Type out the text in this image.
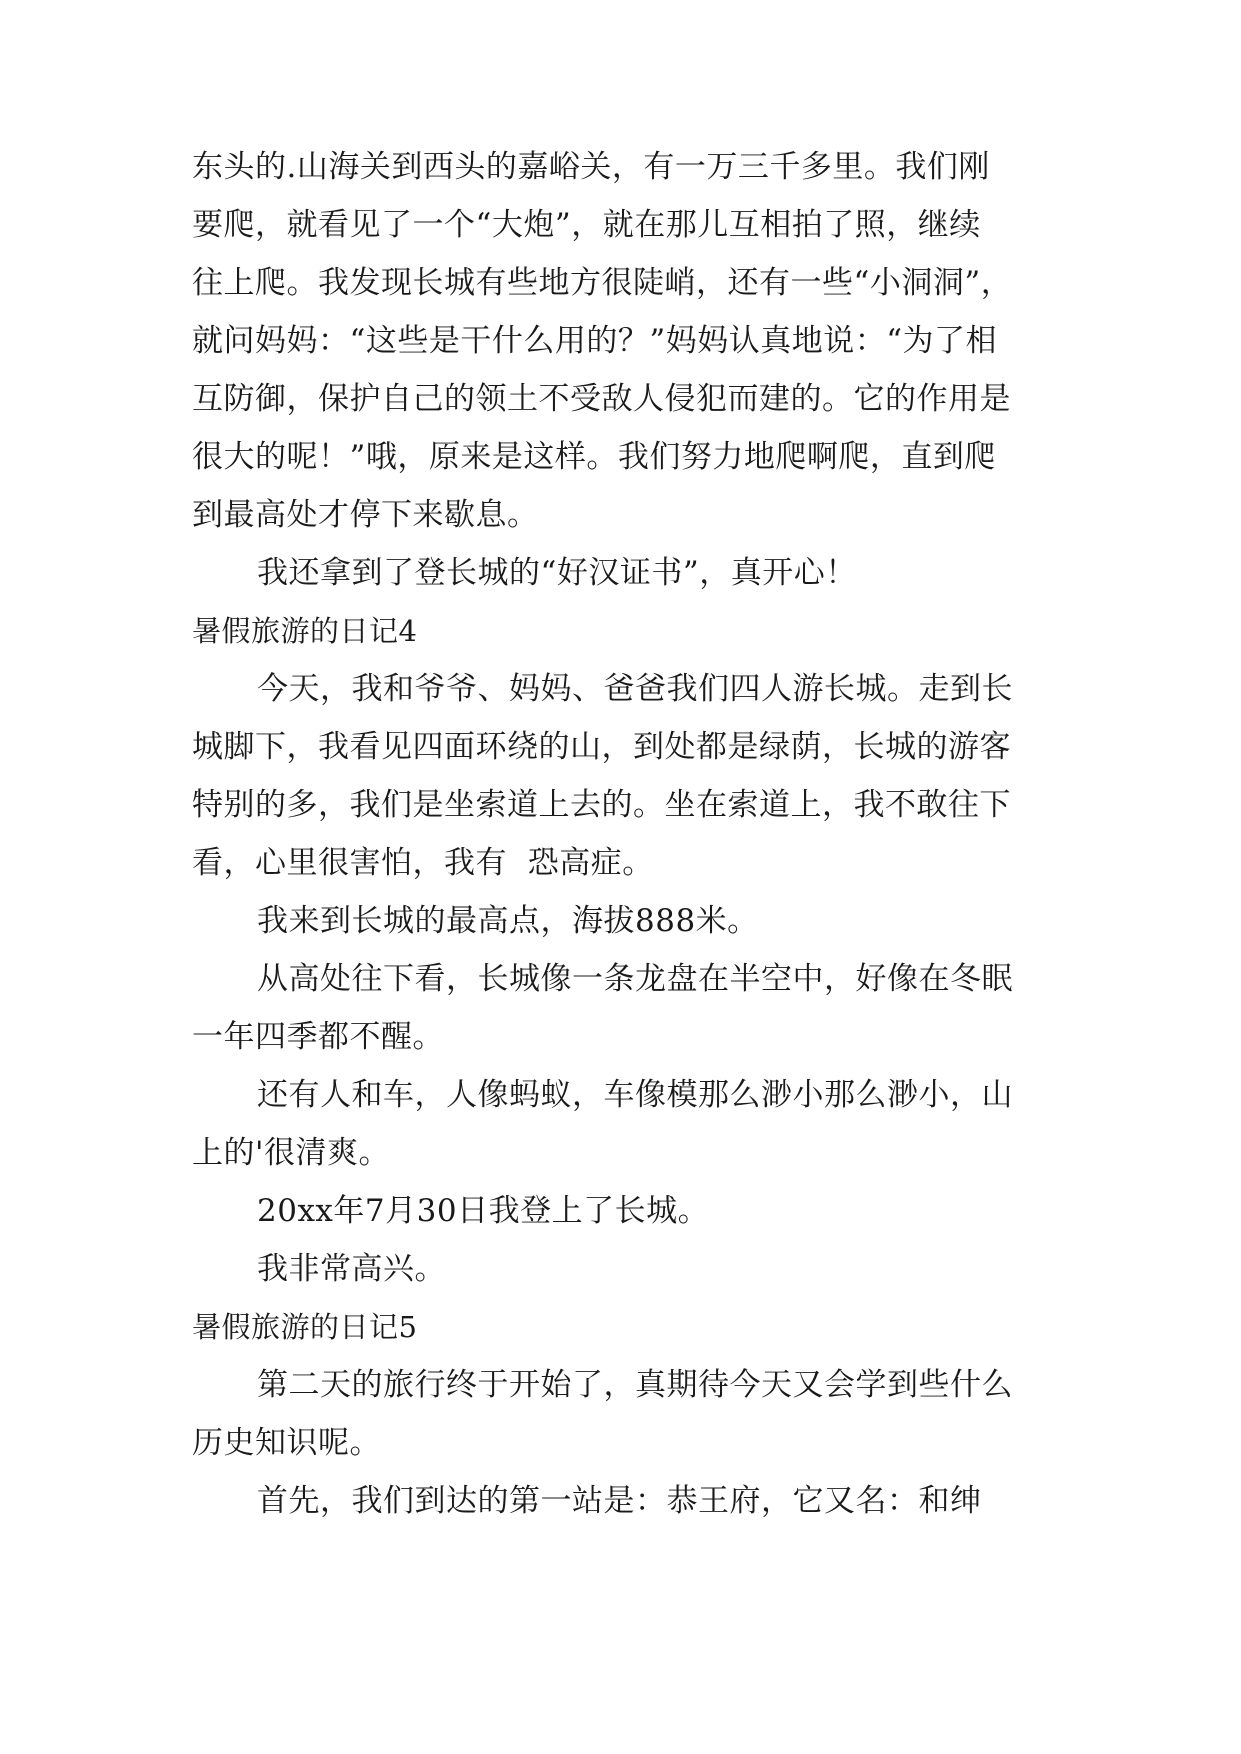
东头的.山海关到西头的嘉峪关，有一万三千多里。我们刚
要爬，就看见了一个“大炮”，就在那儿互相拍了照，继续
往上爬。我发现长城有些地方很陡峭，还有一些“小洞洞”，
就问妈妈：“这些是干什么用的？”妈妈认真地说：“为了相
互防御，保护自己的领土不受敌人侵犯而建的。它的作用是
很大的呢！”哦，原来是这样。我们努力地爬啊爬，直到爬
到最高处才停下来歇息。
我还拿到了登长城的“好汉证书”，真开心！
暑假旅游的日记4
今天，我和爷爷、妈妈、爸爸我们四人游长城。走到长
城脚下，我看见四面环绕的山，到处都是绿荫，长城的游客
特别的多，我们是坐索道上去的。坐在索道上，我不敢往下
看，心里很害怕，我有  恐高症。
我来到长城的最高点，海拔888米。
从高处往下看，长城像一条龙盘在半空中，好像在冬眠
一年四季都不醒。
还有人和车，人像蚂蚁，车像模那么渺小那么渺小，山
上的'很清爽。
20xx年7月30日我登上了长城。
我非常高兴。
暑假旅游的日记5
第二天的旅行终于开始了，真期待今天又会学到些什么
历史知识呢。
首先，我们到达的第一站是：恭王府，它又名：和绅
